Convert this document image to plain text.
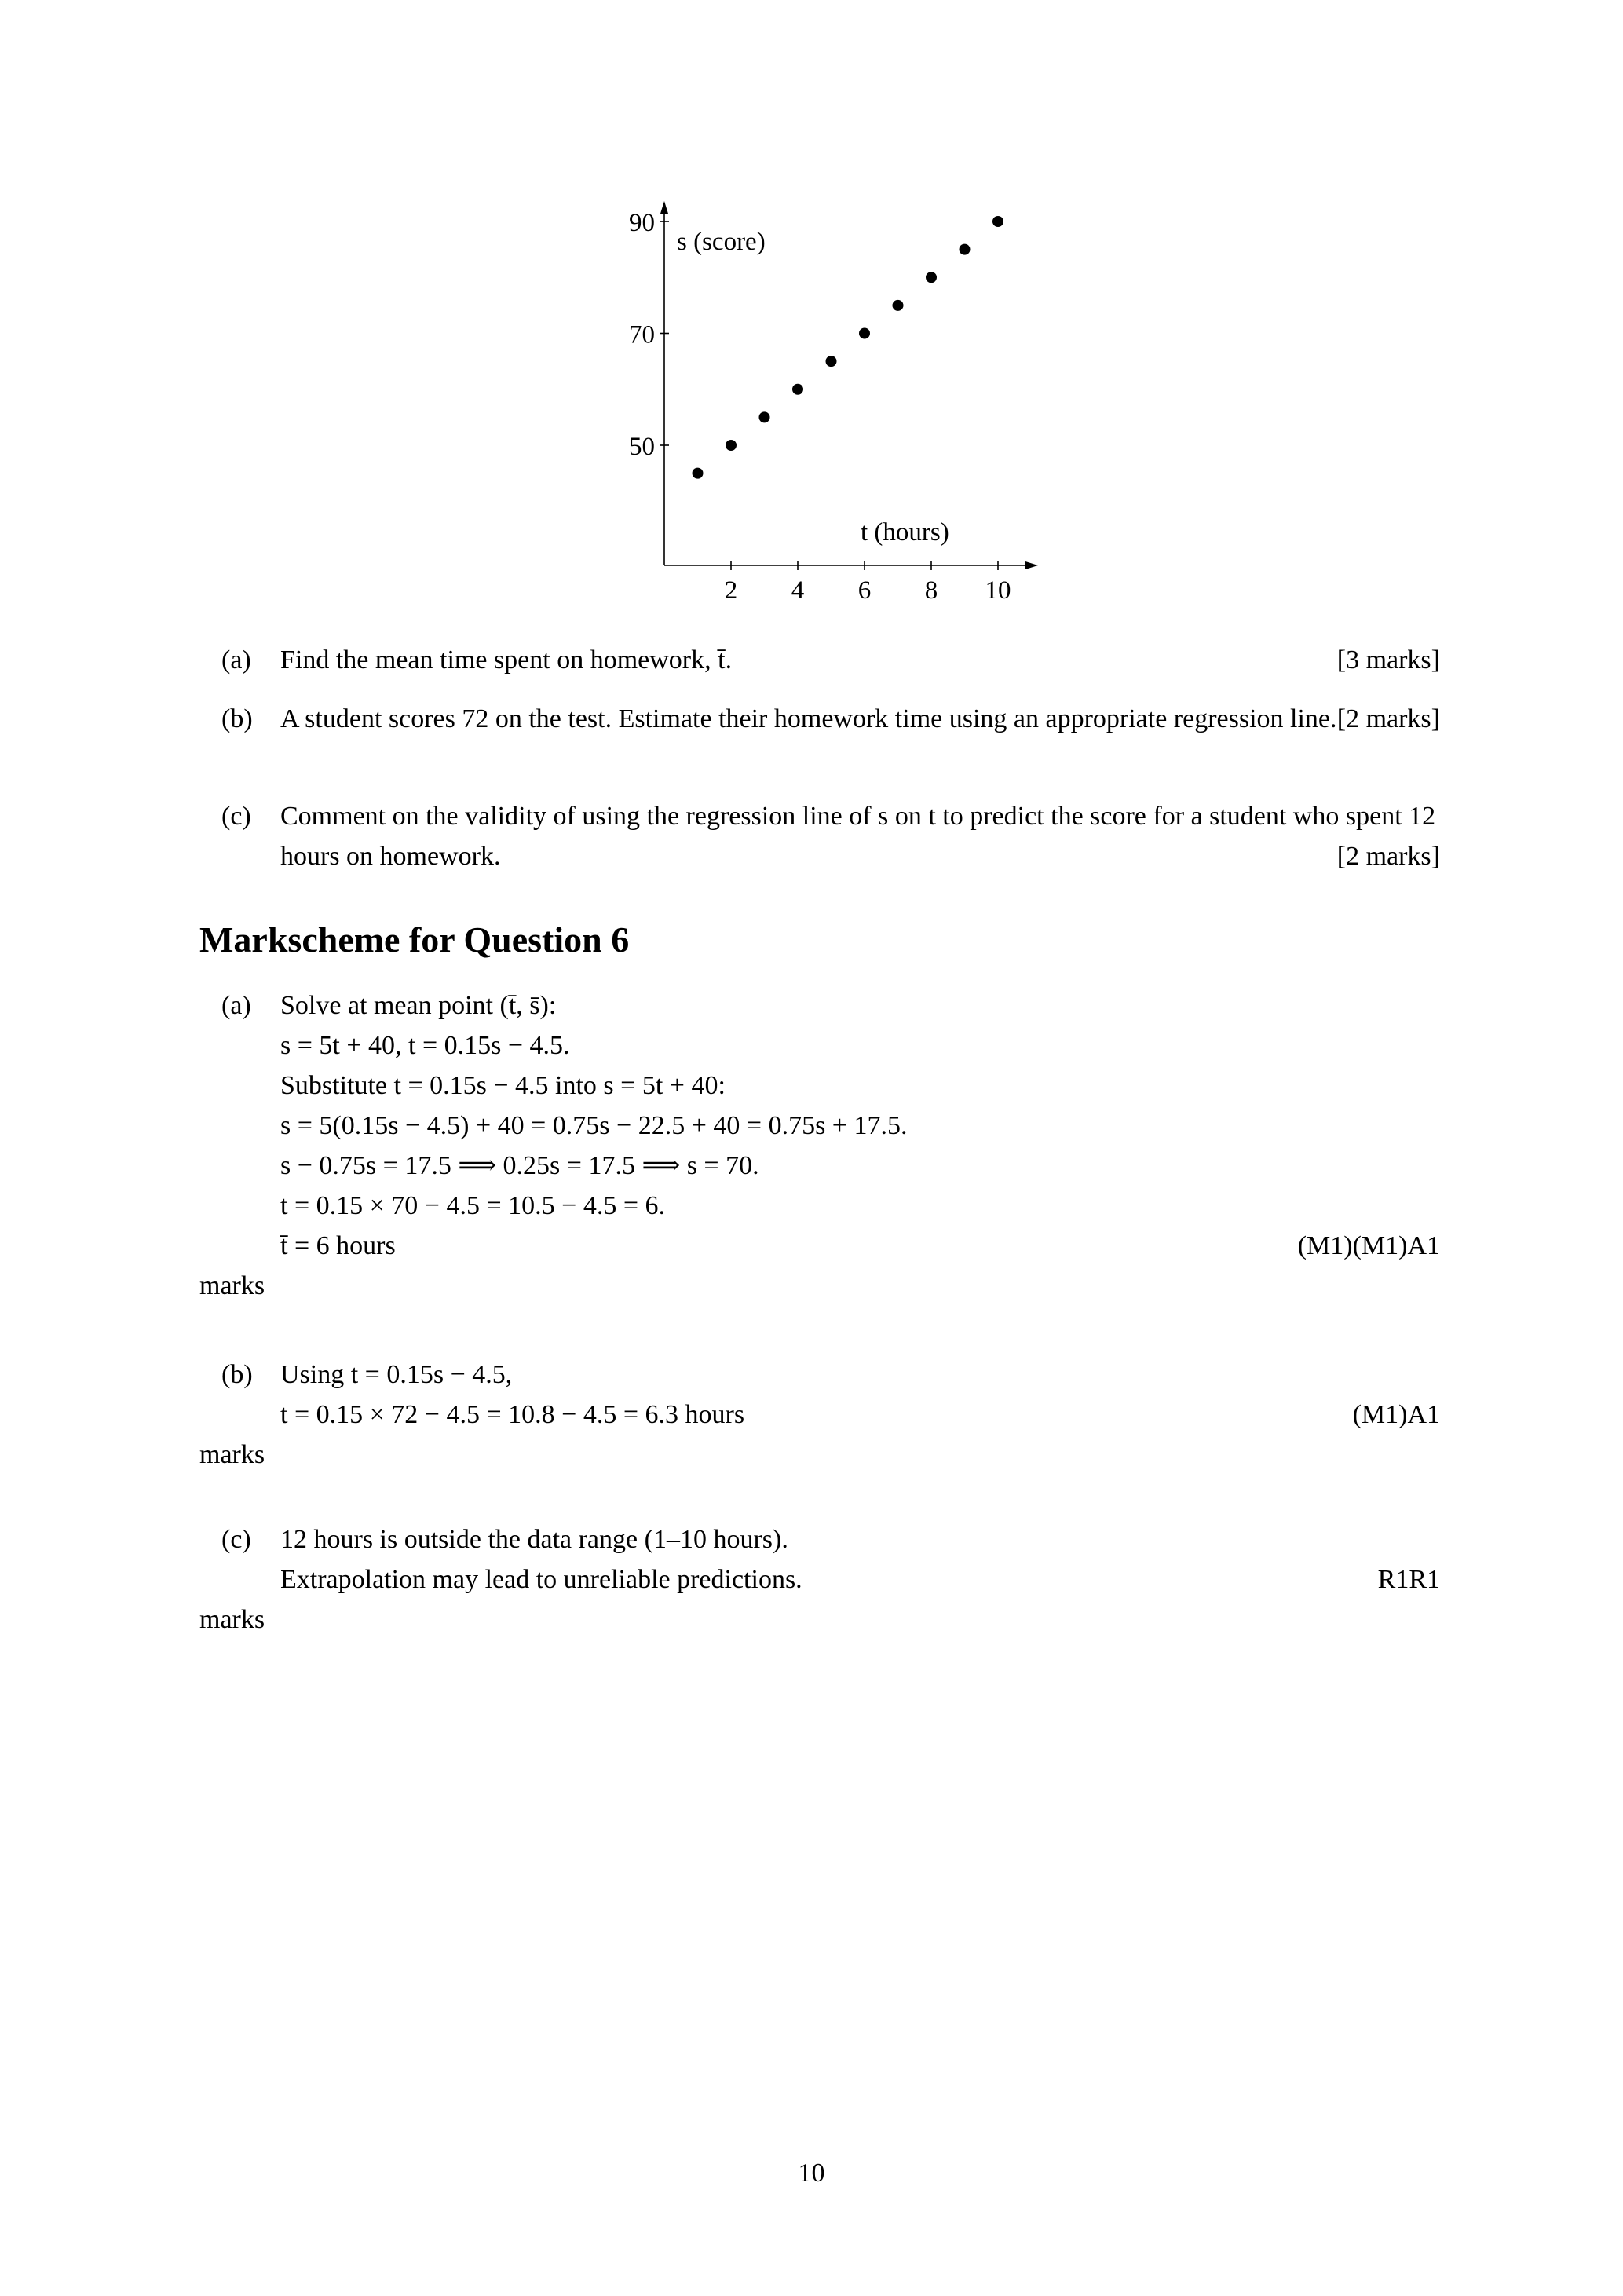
2 4 6 8 10
50
70
90
s (score)
t (hours)
(a) Find the mean time spent on homework, t̄.	[3 marks]
(b) A student scores 72 on the test. Estimate their homework time using an appropriate regression line. [2 marks]
(c) Comment on the validity of using the regression line of s on t to predict the score for a student who spent 12 hours on homework.	[2 marks]
Markscheme for Question 6
(a) Solve at mean point (t̄, s̄):
s = 5t + 40, t = 0.15s − 4.5.
Substitute t = 0.15s − 4.5 into s = 5t + 40:
s = 5(0.15s − 4.5) + 40 = 0.75s − 22.5 + 40 = 0.75s + 17.5.
s − 0.75s = 17.5 ⟹ 0.25s = 17.5 ⟹ s = 70.
t = 0.15 × 70 − 4.5 = 10.5 − 4.5 = 6.
t̄ = 6 hours	(M1)(M1)A1
marks
(b) Using t = 0.15s − 4.5,
t = 0.15 × 72 − 4.5 = 10.8 − 4.5 = 6.3 hours	(M1)A1
marks
(c) 12 hours is outside the data range (1–10 hours).
Extrapolation may lead to unreliable predictions.	R1R1
marks
10
